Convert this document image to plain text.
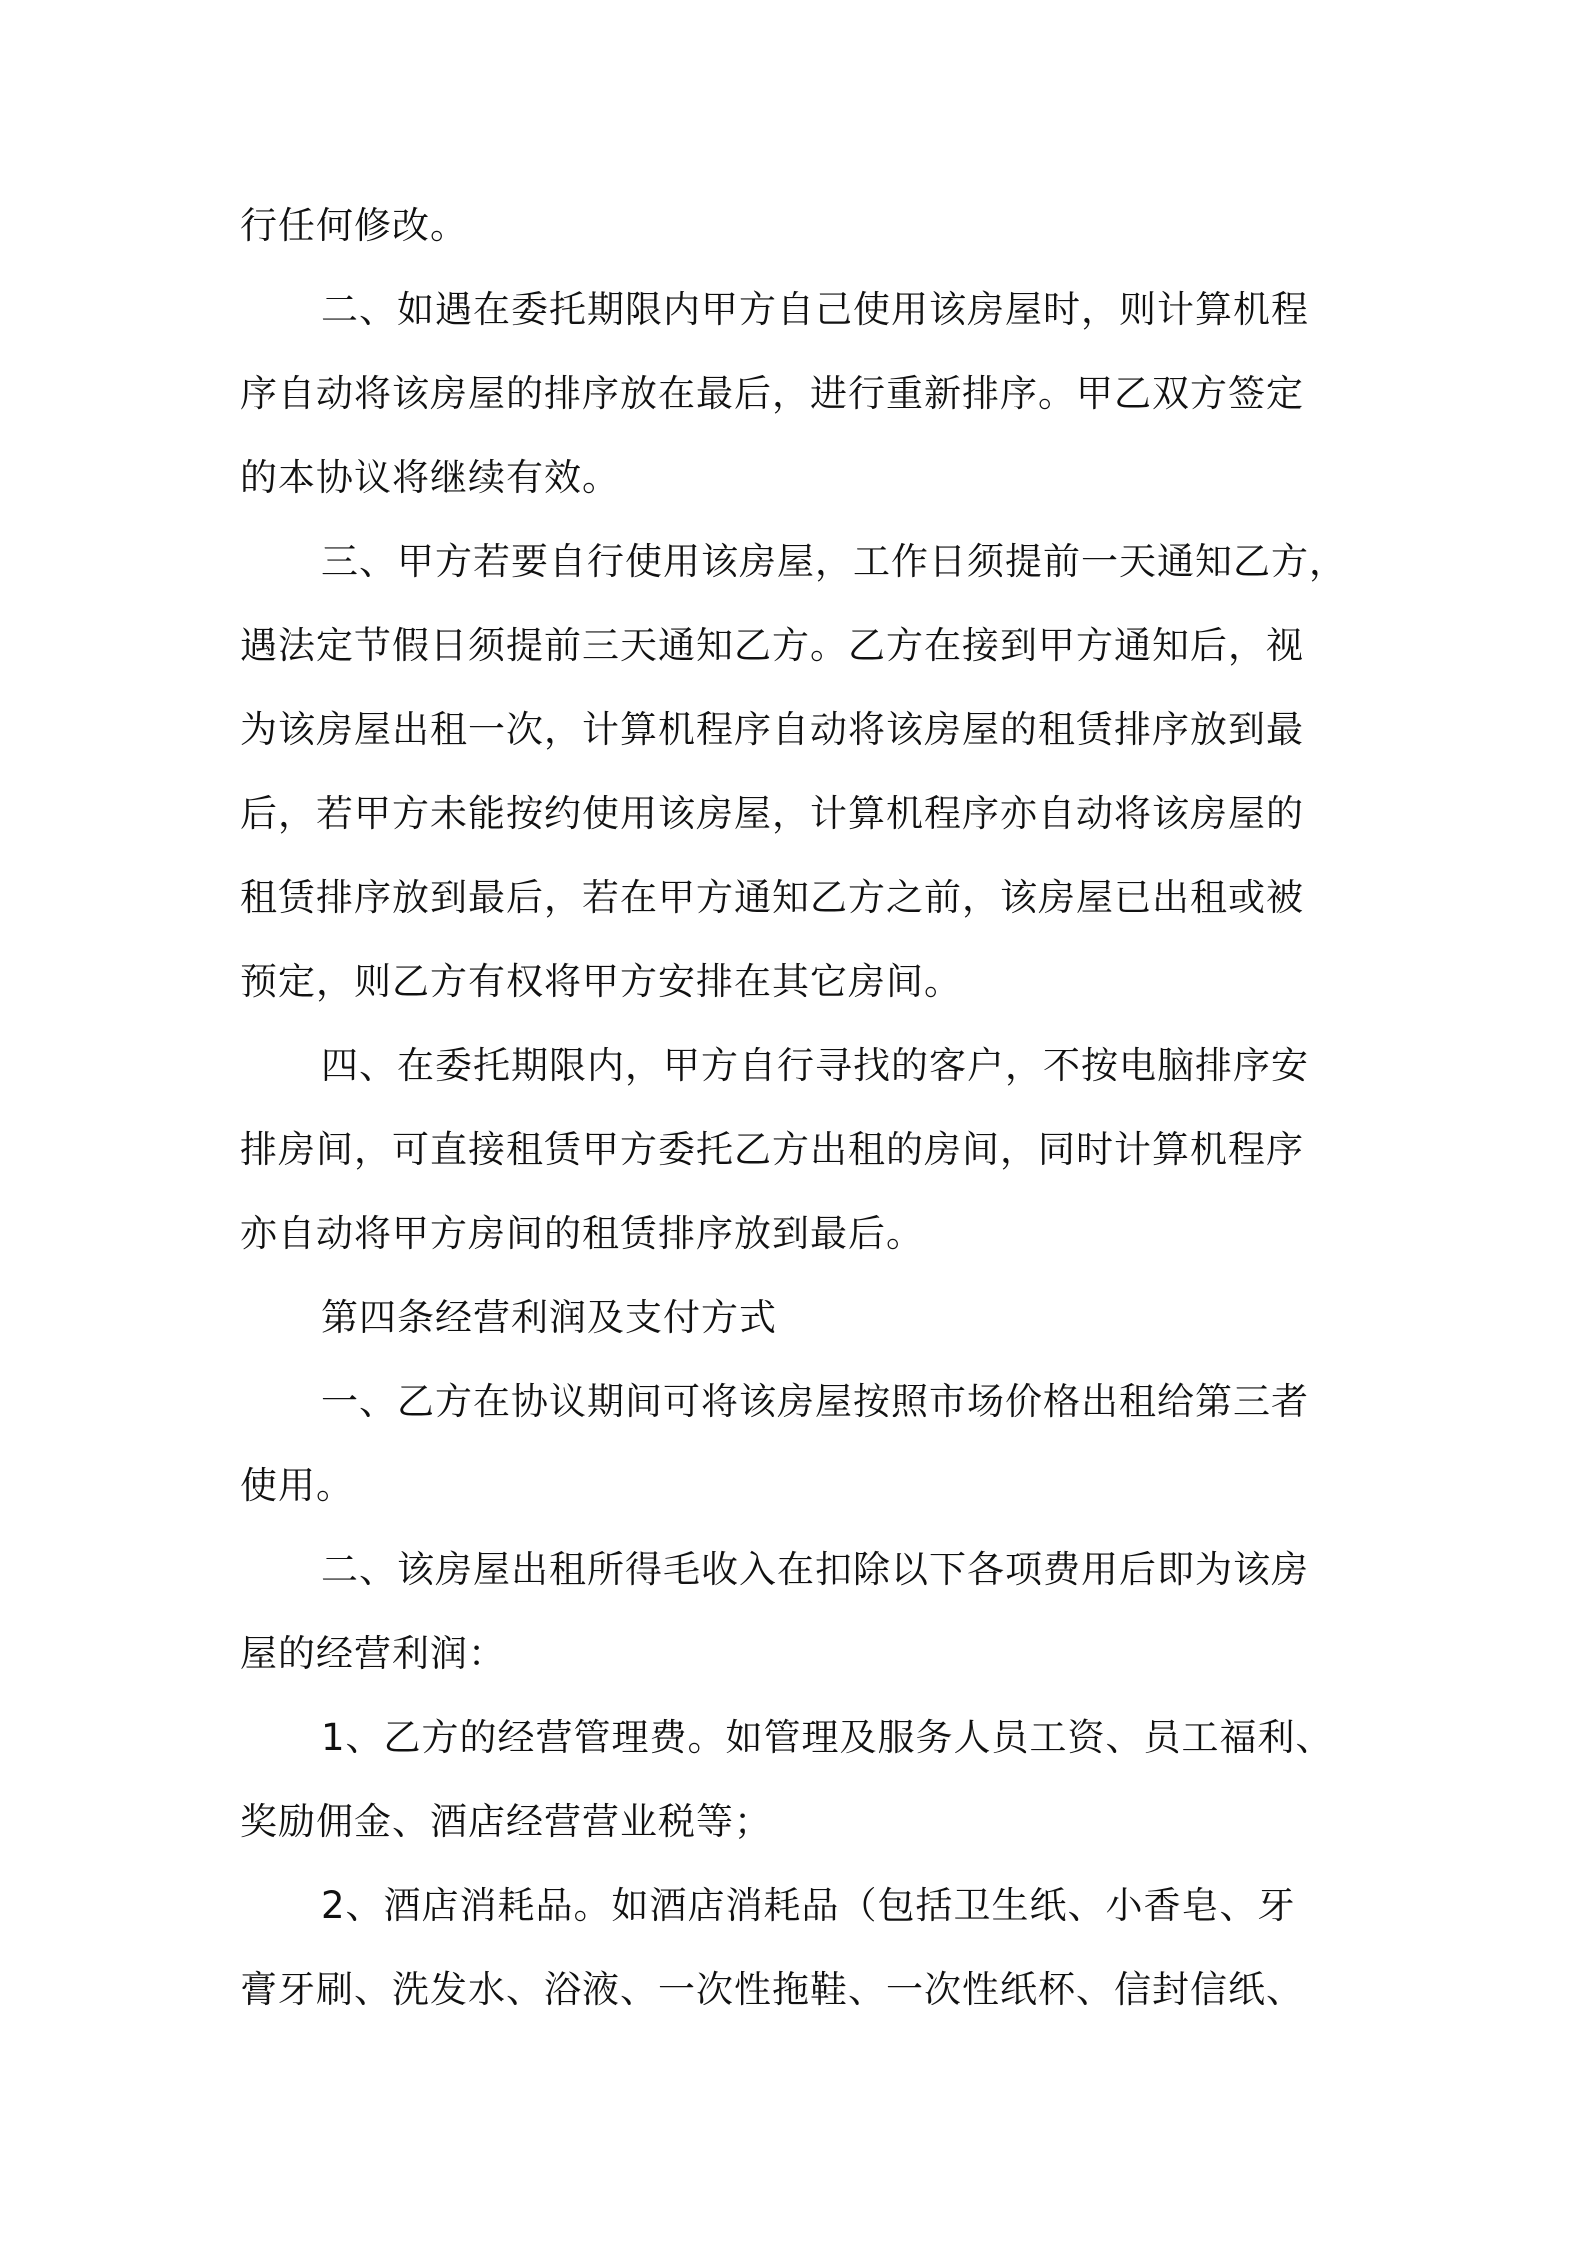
行任何修改。
二、如遇在委托期限内甲方自己使用该房屋时，则计算机程
序自动将该房屋的排序放在最后，进行重新排序。甲乙双方签定
的本协议将继续有效。
三、甲方若要自行使用该房屋，工作日须提前一天通知乙方，
遇法定节假日须提前三天通知乙方。乙方在接到甲方通知后，视
为该房屋出租一次，计算机程序自动将该房屋的租赁排序放到最
后，若甲方未能按约使用该房屋，计算机程序亦自动将该房屋的
租赁排序放到最后，若在甲方通知乙方之前，该房屋已出租或被
预定，则乙方有权将甲方安排在其它房间。
四、在委托期限内，甲方自行寻找的客户，不按电脑排序安
排房间，可直接租赁甲方委托乙方出租的房间，同时计算机程序
亦自动将甲方房间的租赁排序放到最后。
第四条经营利润及支付方式
一、乙方在协议期间可将该房屋按照市场价格出租给第三者
使用。
二、该房屋出租所得毛收入在扣除以下各项费用后即为该房
屋的经营利润：
1、乙方的经营管理费。如管理及服务人员工资、员工福利、
奖励佣金、酒店经营营业税等；
2、酒店消耗品。如酒店消耗品（包括卫生纸、小香皂、牙
膏牙刷、洗发水、浴液、一次性拖鞋、一次性纸杯、信封信纸、
